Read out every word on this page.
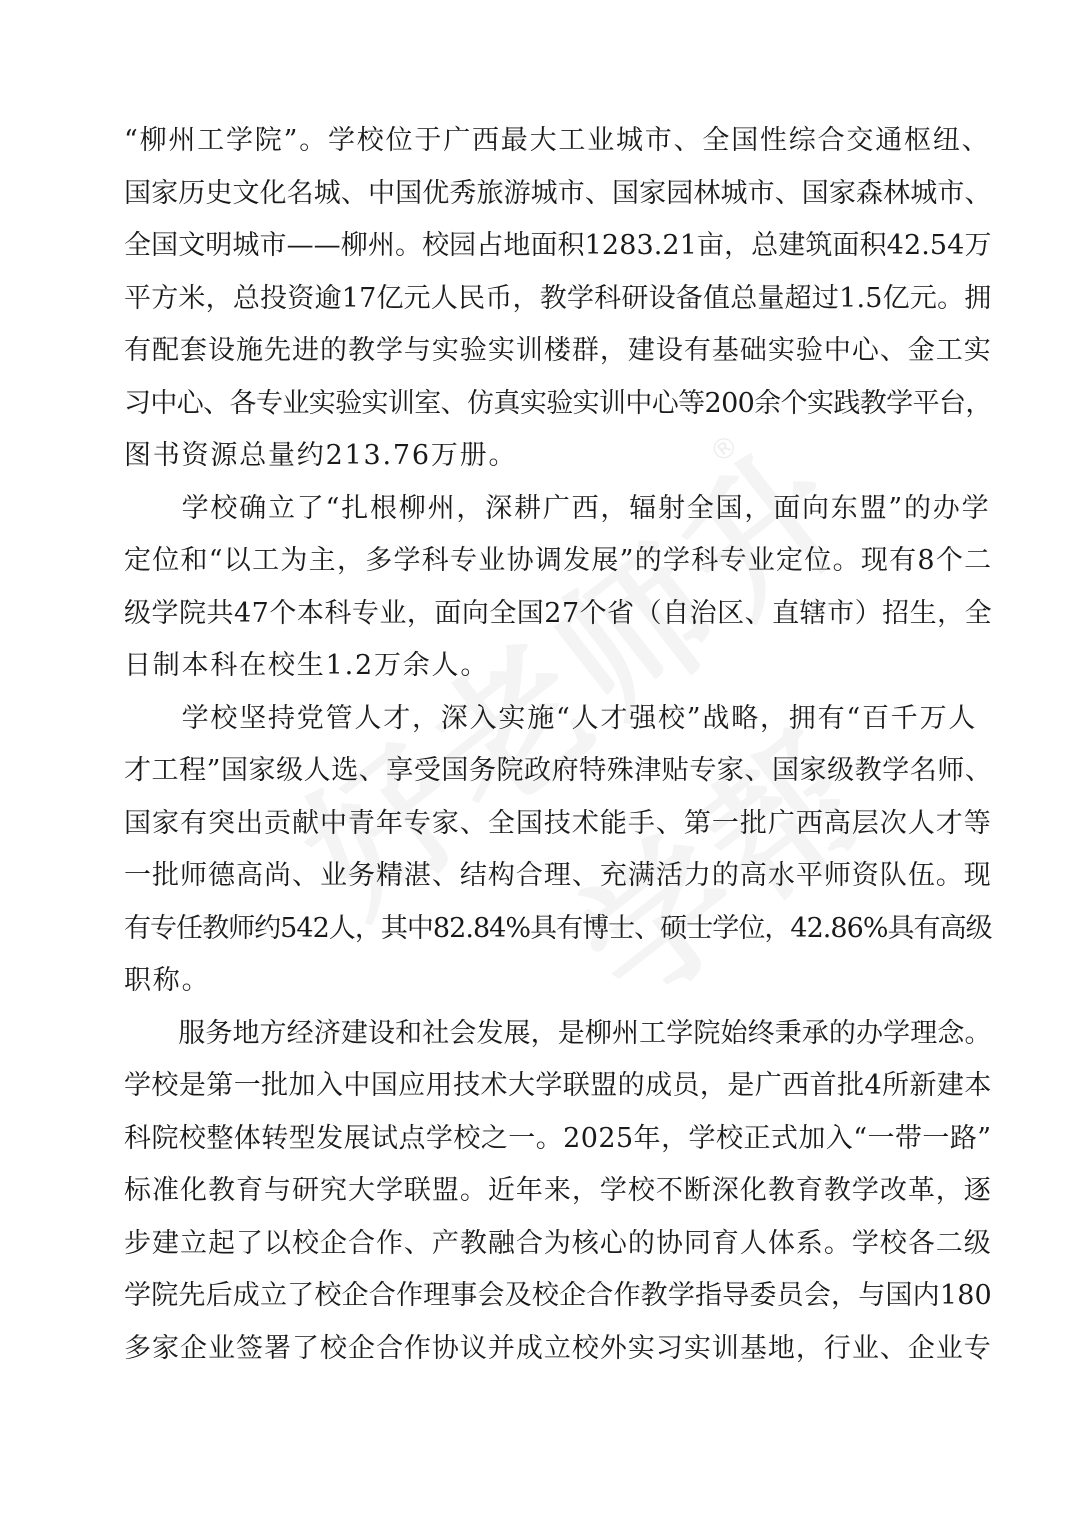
®
“柳州工学院”。学校位于广西最大工业城市、全国性综合交通枢纽、
国家历史文化名城、中国优秀旅游城市、国家园林城市、国家森林城市、
全国文明城市——柳州。校园占地面积1283.21亩，总建筑面积42.54万
平方米，总投资逾17亿元人民币，教学科研设备值总量超过1.5亿元。拥
有配套设施先进的教学与实验实训楼群，建设有基础实验中心、金工实
习中心、各专业实验实训室、仿真实验实训中心等200余个实践教学平台，
图书资源总量约213.76万册。
　　学校确立了“扎根柳州，深耕广西，辐射全国，面向东盟”的办学
定位和“以工为主，多学科专业协调发展”的学科专业定位。现有8个二
级学院共47个本科专业，面向全国27个省（自治区、直辖市）招生，全
日制本科在校生1.2万余人。
　　学校坚持党管人才，深入实施“人才强校”战略，拥有“百千万人
才工程”国家级人选、享受国务院政府特殊津贴专家、国家级教学名师、
国家有突出贡献中青年专家、全国技术能手、第一批广西高层次人才等
一批师德高尚、业务精湛、结构合理、充满活力的高水平师资队伍。现
有专任教师约542人，其中82.84%具有博士、硕士学位，42.86%具有高级
职称。
　　服务地方经济建设和社会发展，是柳州工学院始终秉承的办学理念。
学校是第一批加入中国应用技术大学联盟的成员，是广西首批4所新建本
科院校整体转型发展试点学校之一。2025年，学校正式加入“一带一路”
标准化教育与研究大学联盟。近年来，学校不断深化教育教学改革，逐
步建立起了以校企合作、产教融合为核心的协同育人体系。学校各二级
学院先后成立了校企合作理事会及校企合作教学指导委员会，与国内180
多家企业签署了校企合作协议并成立校外实习实训基地，行业、企业专
